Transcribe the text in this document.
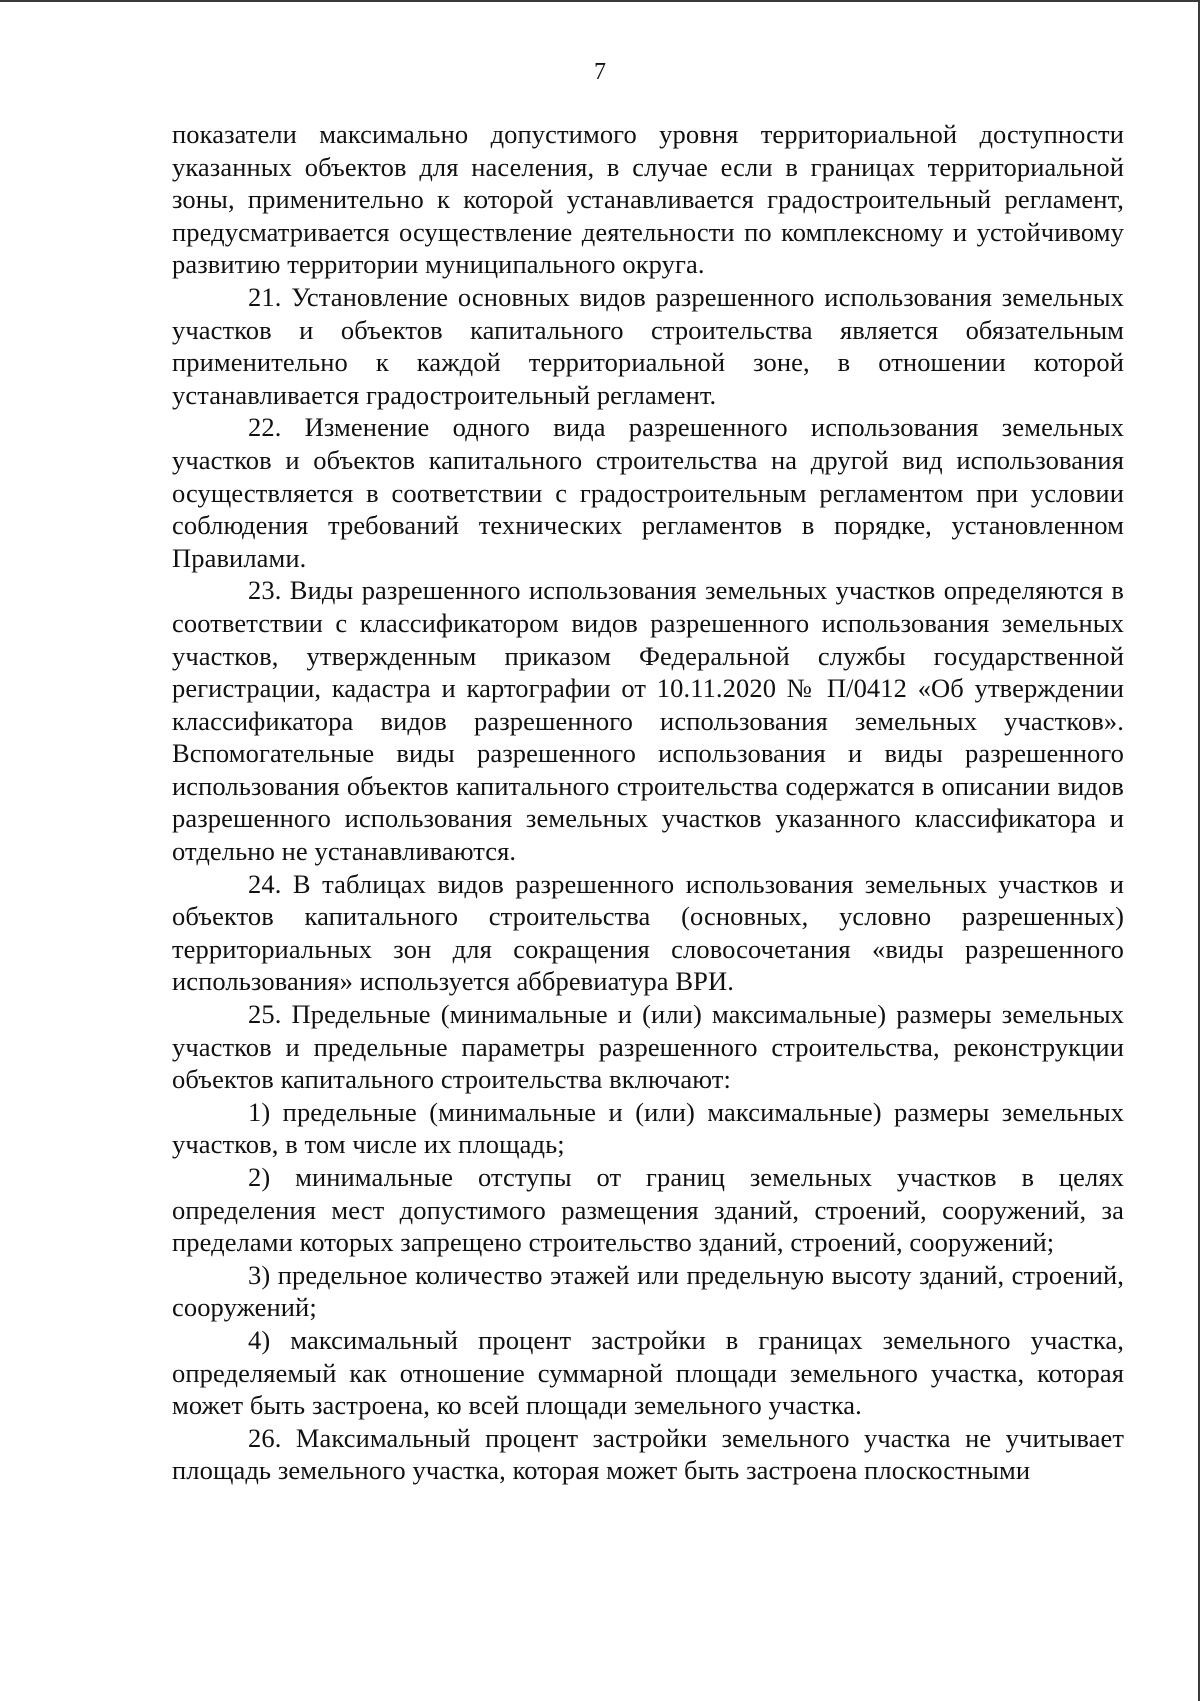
7

показатели максимально допустимого уровня территориальной доступности указанных объектов для населения, в случае если в границах территориальной зоны, применительно к которой устанавливается градостроительный регламент, предусматривается осуществление деятельности по комплексному и устойчивому развитию территории муниципального округа.

21. Установление основных видов разрешенного использования земельных участков и объектов капитального строительства является обязательным применительно к каждой территориальной зоне, в отношении которой устанавливается градостроительный регламент.

22. Изменение одного вида разрешенного использования земельных участков и объектов капитального строительства на другой вид использования осуществляется в соответствии с градостроительным регламентом при условии соблюдения требований технических регламентов в порядке, установленном Правилами.

23. Виды разрешенного использования земельных участков определяются в соответствии с классификатором видов разрешенного использования земельных участков, утвержденным приказом Федеральной службы государственной регистрации, кадастра и картографии от 10.11.2020 № П/0412 «Об утверждении классификатора видов разрешенного использования земельных участков». Вспомогательные виды разрешенного использования и виды разрешенного использования объектов капитального строительства содержатся в описании видов разрешенного использования земельных участков указанного классификатора и отдельно не устанавливаются.

24. В таблицах видов разрешенного использования земельных участков и объектов капитального строительства (основных, условно разрешенных) территориальных зон для сокращения словосочетания «виды разрешенного использования» используется аббревиатура ВРИ.

25. Предельные (минимальные и (или) максимальные) размеры земельных участков и предельные параметры разрешенного строительства, реконструкции объектов капитального строительства включают:

1) предельные (минимальные и (или) максимальные) размеры земельных участков, в том числе их площадь;

2) минимальные отступы от границ земельных участков в целях определения мест допустимого размещения зданий, строений, сооружений, за пределами которых запрещено строительство зданий, строений, сооружений;

3) предельное количество этажей или предельную высоту зданий, строений, сооружений;

4) максимальный процент застройки в границах земельного участка, определяемый как отношение суммарной площади земельного участка, которая может быть застроена, ко всей площади земельного участка.

26. Максимальный процент застройки земельного участка не учитывает площадь земельного участка, которая может быть застроена плоскостными
